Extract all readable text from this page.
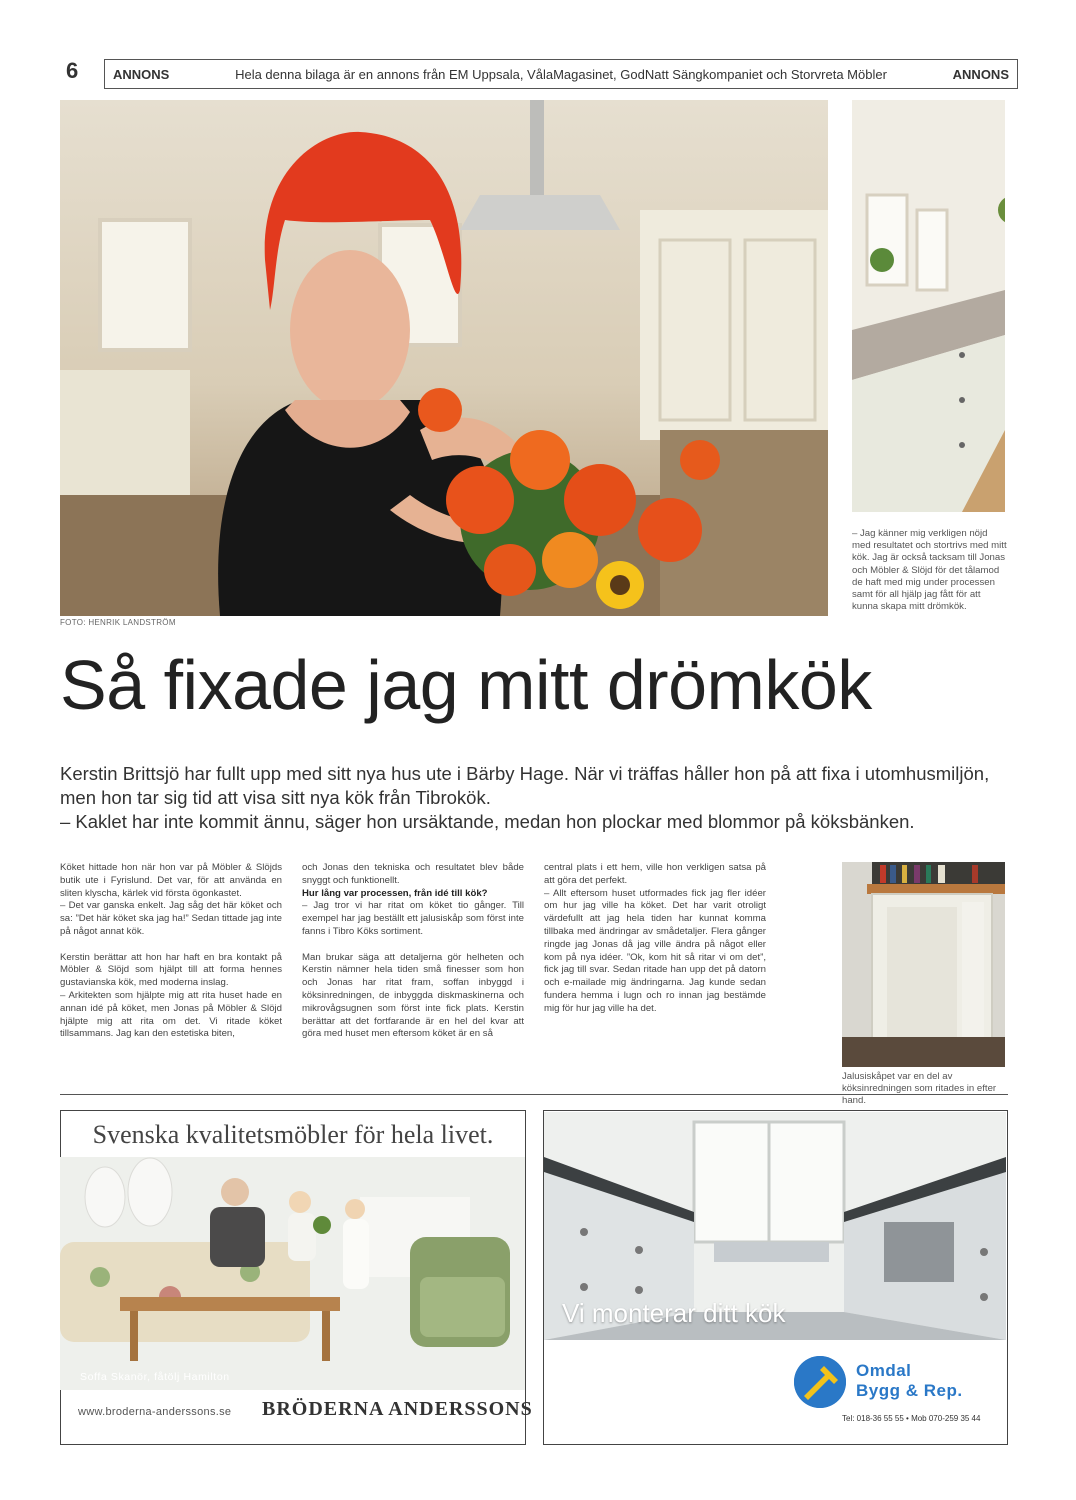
6	ANNONS	Hela denna bilaga är en annons från EM Uppsala, VålaMagasinet, GodNatt Sängkompaniet och Storvreta Möbler	ANNONS
FOTO: HENRIK LANDSTRÖM
– Jag känner mig verkligen nöjd med resultatet och stortrivs med mitt kök. Jag är också tacksam till Jonas och Möbler & Slöjd för det tålamod de haft med mig under processen samt för all hjälp jag fått för att kunna skapa mitt drömkök.
Så fixade jag mitt drömkök

Kerstin Brittsjö har fullt upp med sitt nya hus ute i Bärby Hage. När vi träffas håller hon på att fixa i utomhusmiljön, men hon tar sig tid att visa sitt nya kök från Tibrokök.

– Kaklet har inte kommit ännu, säger hon ursäktande, medan hon plockar med blommor på köksbänken.

Köket hittade hon när hon var på Möbler & Slöjds butik ute i Fyrislund. Det var, för att använda en sliten klyscha, kärlek vid första ögonkastet.

– Det var ganska enkelt. Jag såg det här köket och sa: ”Det här köket ska jag ha!” Sedan tittade jag inte på något annat kök.

Kerstin berättar att hon har haft en bra kontakt på Möbler & Slöjd som hjälpt till att forma hennes gustavianska kök, med moderna inslag.

– Arkitekten som hjälpte mig att rita huset hade en annan idé på köket, men Jonas på Möbler & Slöjd hjälpte mig att rita om det. Vi ritade köket tillsammans. Jag kan den estetiska biten,

och Jonas den tekniska och resultatet blev både snyggt och funktionellt.

Hur lång var processen, från idé till kök?

– Jag tror vi har ritat om köket tio gånger. Till exempel har jag beställt ett jalusiskåp som först inte fanns i Tibro Köks sortiment.

Man brukar säga att detaljerna gör helheten och Kerstin nämner hela tiden små finesser som hon och Jonas har ritat fram, soffan inbyggd i köksinredningen, de inbyggda diskmaskinerna och mikrovågsugnen som först inte fick plats. Kerstin berättar att det fortfarande är en hel del kvar att göra med huset men eftersom köket är en så

central plats i ett hem, ville hon verkligen satsa på att göra det perfekt.

– Allt eftersom huset utformades fick jag fler idéer om hur jag ville ha köket. Det har varit otroligt värdefullt att jag hela tiden har kunnat komma tillbaka med ändringar av smådetaljer. Flera gånger ringde jag Jonas då jag ville ändra på något eller kom på nya idéer. ”Ok, kom hit så ritar vi om det”, fick jag till svar. Sedan ritade han upp det på datorn och e-mailade mig ändringarna. Jag kunde sedan fundera hemma i lugn och ro innan jag bestämde mig för hur jag ville ha det.

Jalusiskåpet var en del av köksinredningen som ritades in efter hand.
Svenska kvalitetsmöbler för hela livet.
Soffa Skanör, fåtölj Hamilton
www.broderna-anderssons.se BRÖDERNA ANDERSSONS
Vi monterar ditt kök
Omdal
Bygg & Rep.
Tel: 018-36 55 55 • Mob 070-259 35 44
